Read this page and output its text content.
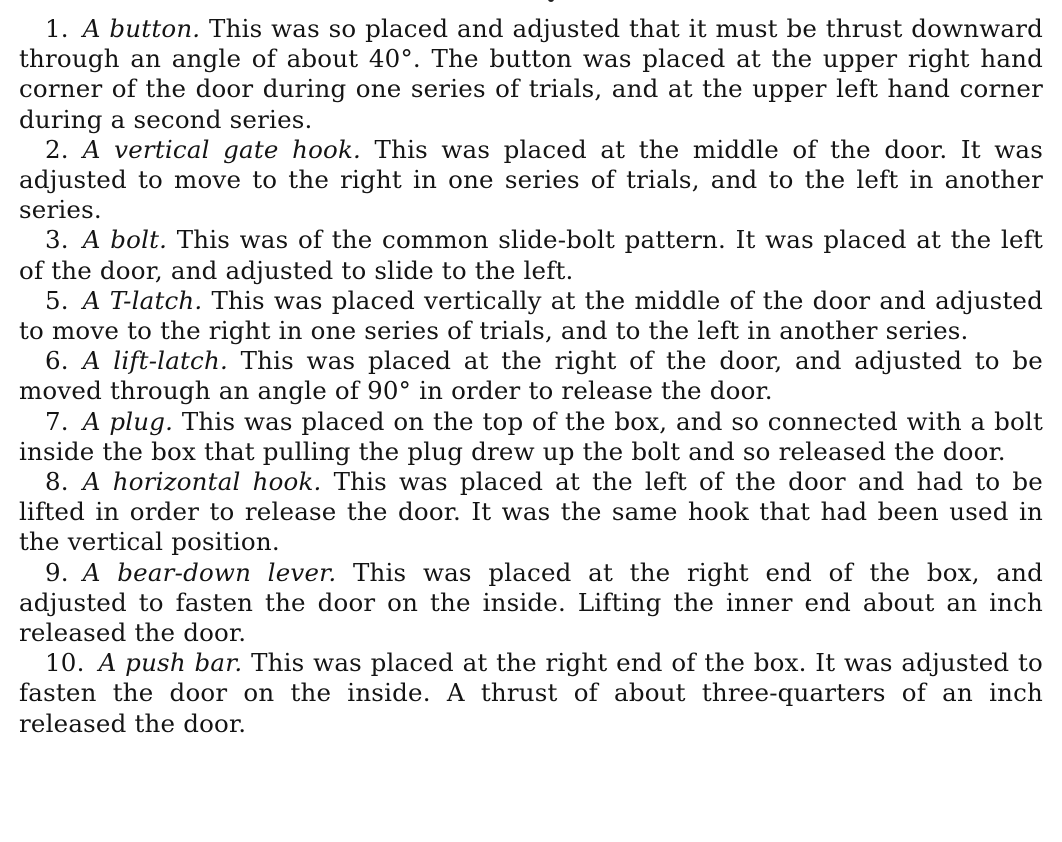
1. A button. This was so placed and adjusted that it must be thrust downward through an angle of about 40°. The button was placed at the upper right hand corner of the door during one series of trials, and at the upper left hand corner during a second series.

2. A vertical gate hook. This was placed at the middle of the door. It was adjusted to move to the right in one series of trials, and to the left in another series.

3. A bolt. This was of the common slide-bolt pattern. It was placed at the left of the door, and adjusted to slide to the left.

5. A T-latch. This was placed vertically at the middle of the door and adjusted to move to the right in one series of trials, and to the left in another series.

6. A lift-latch. This was placed at the right of the door, and adjusted to be moved through an angle of 90° in order to release the door.

7. A plug. This was placed on the top of the box, and so connected with a bolt inside the box that pulling the plug drew up the bolt and so released the door.

8. A horizontal hook. This was placed at the left of the door and had to be lifted in order to release the door. It was the same hook that had been used in the vertical position.

9. A bear-down lever. This was placed at the right end of the box, and adjusted to fasten the door on the inside. Lifting the inner end about an inch released the door.

10. A push bar. This was placed at the right end of the box. It was adjusted to fasten the door on the inside. A thrust of about three-quarters of an inch released the door.
